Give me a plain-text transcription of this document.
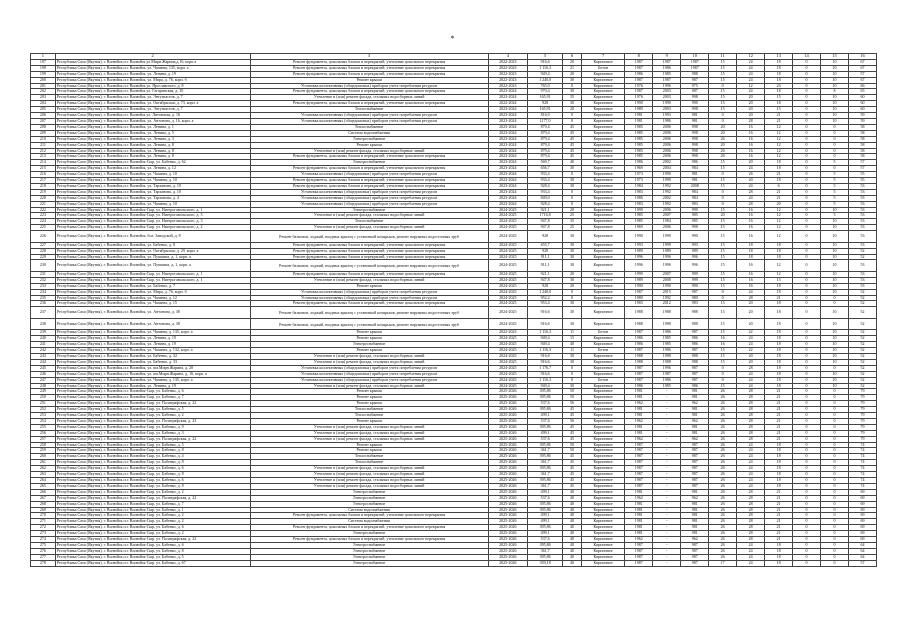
*
1	2	3	4	5	6	7	8	9	10	11	12	13	14	15	16
197	Республика Саха (Якутия), г. Вилюйск,п.г. Вилюйск ул.Мирн.Жарина,д.16, корп.а	Ремонт фундамента, цокольных блоков и перекрытий, утепление цокольного перекрытия	2022-2023	916,6	20	Кирпичное	1987	1987	1987	15	24	18	0	10	67
198	Республика Саха (Якутия), г. Вилюйск,п.г. Вилюйск, ул. Чапаева, 135, корп. а	Ремонт фундамента, цокольных блоков и перекрытий, утепление цокольного перекрытия	2022-2023	1 116,3	21	Бетон	1987	1986	1987	15	24	18	0	10	67
199	Республика Саха (Якутия), г. Вилюйск,п.г. Вилюйск, ул. Ленина, д. 19	Ремонт фундамента, цокольных блоков и перекрытий, утепление цокольного перекрытия	2022-2023	949,4	20	Кирпичное	1986	1985	988	15	24	18	0	10	57
200	Республика Саха (Якутия), г. Вилюйск,п.г. Вилюйск, ул. Мира, д. 76, корп. б	Ремонт крыши	2022-2023	1 240,0	30	Кирпичное	1987	1987	987	15	24	18	0	10	67
201	Республика Саха (Якутия), г. Вилюйск,п.г. Вилюйск ул. Ярославского, д. 8	Установка коллективных (общедомовых) приборов учета потребления ресурсов	2022-2023	765,0	0	Кирпичное	1976	1996	975	0	12	24	0	10	66
202	Республика Саха (Якутия), г. Вилюйск,п.г. Вилюйск ул. Гагаринская, д. 10	Ремонт фундамента, цокольных блоков и перекрытий, утепление цокольного перекрытия	2023-2024	970,4	30	Кирпичное	1987	2003	987	15	24	18	0	8	65
203	Республика Саха (Якутия), г. Вилюйск,п.г. Вилюйск, ул. Энтузиастов, д. 7	Утепление и (или) ремонт фасада, стальных водосборных линий	2023-2024	165,91	35	Кирпичное	1976	2003	998	15	20	15	0	10	60
204	Республика Саха (Якутия), г. Вилюйск,п.г. Вилюйск, ул. Октябрьская, д. 73, корп. а	Ремонт фундамента, цокольных блоков и перекрытий, утепление цокольного перекрытия	2022-2024	928	30	Кирпичное	1990	1990	990	15	20	18	0	10	60
205	Республика Саха (Якутия), г. Вилюйск,п.г. Вилюйск, ул. Энтузиастов, д. 7	Теплоснабжение	2023-2024	165,91	20	Кирпичное	1989	2003	998	15	20	15	0	10	60
206	Республика Саха (Якутия), г. Вилюйск,п.г. Вилюйск ул. Литовская, д. 16	Установка коллективных (общедомовых) приборов учета потребления ресурсов	2023-2024	816,0	0	Кирпичное	1981	1993	981	0	20	21	0	10	59
207	Республика Саха (Якутия), г. Вилюйск,п.г. Вилюйск, ул. Антонова, д. 16, корп. а	Установка коллективных (общедомовых) приборов учета потребления ресурсов	2023-2024	1177,0	0	Кирпичное	1981	1986	981	0	28	21	0	10	59
208	Республика Саха (Якутия), г. Вилюйск,п.г. Вилюйск, ул. Ленина, д. 1	Теплоснабжение	2023-2024	879,4	45	Кирпичное	1985	2006	998	20	16	12	0	0	58
209	Республика Саха (Якутия), г. Вилюйск,п.г. Вилюйск, ул. Ленина, д. 5	Система водоснабжения	2023-2024	879,4	45	Кирпичное	1985	2006	998	20	16	12	0	0	58
210	Республика Саха (Якутия), г. Вилюйск,п.г. Вилюйск, ул. Ленина, д. 3	Электроснабжение	2023-2024	879,4	45	Кирпичное	1985	2006	998	26	16	12	0	0	58
211	Республика Саха (Якутия), г. Вилюйск,п.г. Вилюйск, ул. Ленина, д. 8	Ремонт крыши	2023-2024	879,4	45	Кирпичное	1985	2006	998	20	16	12	0	0	58
212	Республика Саха (Якутия), г. Вилюйск,п.г. Вилюйск, ул. Ленина, д. 8	Утепление и (или) ремонт фасада, стальных водосборных линий	2023-2024	879,4	45	Кирпичное	1985	2006	998	26	16	12	0	0	58
213	Республика Саха (Якутия), г. Вилюйск,п.г. Вилюйск, ул. Ленина, д. 8	Ремонт фундамента, цокольных блоков и перекрытий, утепление цокольного перекрытия	2023-2024	879,4	45	Кирпичное	1985	2006	998	26	16	12	0	0	58
214	Республика Саха (Якутия), г. Вилюйск,п.г. Вилюйск-Сыр, ул. Бабенко, д. 62	Электроснабжение	2023-2024	569,7	40	Кирпичное	1986	2002	986	15	20	18	0	5	57
215	Республика Саха (Якутия), г. Вилюйск,п.г. Вилюйск, ул. Ленина, д. 12	Ремонт фундамента, цокольных блоков и перекрытий, утепление цокольного перекрытия	2023-2024	656,7	30	Кирпичное	1969	2004	984	15	24	18	0	0	57
216	Республика Саха (Якутия), г. Вилюйск,п.г. Вилюйск, ул. Чапаева, д. 10	Установка коллективных (общедомовых) приборов учета потребления ресурсов	2023-2024	933,4	0	Кирпичное	1973	1990	981	0	26	21	0	5	55
217	Республика Саха (Якутия), г. Вилюйск,п.г. Вилюйск, ул. Чапаева, д. 10	Ремонт фундамента, цокольных блоков и перекрытий, утепление цокольного перекрытия	2023-2024	933,4	30	Кирпичное	1973	1990	981	15	20	18	0	5	55
218	Республика Саха (Якутия), г. Вилюйск,п.г. Вилюйск, ул. Тарханова, д. 10	Ремонт фундамента, цокольных блоков и перекрытий, утепление цокольного перекрытия	2023-2024	928,4	30	Кирпичное	1984	1992	2008	15	24	6	0	5	53
219	Республика Саха (Якутия), г. Вилюйск,п.г. Вилюйск, ул. Тарханова, д. 10	Установка коллективных (общедомовых) приборов учета потребления ресурсов	2023-2024	933,4	0	Кирпичное	1983	1992	984	0	28	21	0	5	53
220	Республика Саха (Якутия), г. Вилюйск,п.г. Вилюйск, ул. Тарханова, д. 4	Установка коллективных (общедомовых) приборов учета потребления ресурсов	2023-2024	849,0	0	Кирпичное	1986	2002	984	0	24	21	0	5	53
221	Республика Саха (Якутия), г. Вилюйск,п.г. Вилюйск, ул. Чапаева, д. 10	Установка коллективных (общедомовых) приборов учета потребления ресурсов	2023-2024	928,4	0	Кирпичное	1983	1992	983	0	28	20	0	5	53
222	Республика Саха (Якутия), г. Вилюйск,п.г. Вилюйск-Сыр, ул. Нигерогавольского, д. 1	Электроснабжение	2024-2025	921,1	20	Кирпичное	1999	2006	999	15	16	12	0	10	53
223	Республика Саха (Якутия), г. Вилюйск,п.г. Вилюйск-Сыр, ул. Нигерогавольского, д. 3	Утепление и (или) ремонт фасада, стальных водосборных линий	2024-2025	1716,8	25	Кирпичное	1985	2007	985	20	16	12	0	5	53
224	Республика Саха (Якутия), г. Вилюйск,п.г. Вилюйск-Сыр, ул. Нигерогавольского, д. 3	Теплоснабжение	2024-2025	947,8	35	Кирпичное	1985	1984	985	15	16	12	0	10	53
225	Республика Саха (Якутия), г. Вилюйск,п.г. Вилюйск-Сыр, ул. Нигерогавольского, д. 2	Утепление и (или) ремонт фасада, стальных водосборных линий	2024-2025	947,8	25	Кирпичное	1969	2006	998	15	16	12	0	10	53
226	Республика Саха (Якутия), г. Вилюйск,п.г. Вилюйск, бол. Заводской, д. 8	Ремонт балконов, лоджий, входных крылец с установкой козырьков, ремонт наружных водосточных труб	2024-2025	928	30	Кирпичное	1990	1990	990	15	16	12	0	10	53
227	Республика Саха (Якутия), г. Вилюйск,п.г. Вилюйск, ул. Бабенко, д. 8	Ремонт фундамента, цокольных блоков и перекрытий, утепление цокольного перекрытия	2024-2025	655,7	30	Кирпичное	1993	1999	993	15	18	18	0	10	53
228	Республика Саха (Якутия), г. Вилюйск,п.г. Вилюйск, ул. Октябрьская, д. 29, корп. а	Ремонт фундамента, цокольных блоков и перекрытий, утепление цокольного перекрытия	2024-2025	928	30	Кирпичное	1989	1989	989	15	18	18	0	10	52
229	Республика Саха (Якутия), г. Вилюйск,п.г. Вилюйск, ул. Пушкина, д. 1, корп. а	Ремонт фундамента, цокольных блоков и перекрытий, утепление цокольного перекрытия	2024-2025	911,1	30	Кирпичное	1996	1996	996	15	18	18	0	10	52
230	Республика Саха (Якутия), г. Вилюйск,п.г. Вилюйск, ул. Пушкина, д. 1, корп. а	Ремонт балконов, лоджий, входных крылец с установкой козырьков, ремонт наружных водосточных труб	2024-2025	911,1	30	Кирпичное	1996	1996	996	15	16	12	0	10	53
231	Республика Саха (Якутия), г. Вилюйск,п.г. Вилюйск-Сыр, ул. Нигерогавольского, д. 1	Ремонт фундамента, цокольных блоков и перекрытий, утепление цокольного перекрытия	2024-2025	921,1	20	Кирпичное	1999	2007	999	15	16	12	0	10	53
232	Республика Саха (Якутия), г. Вилюйск,п.г. Вилюйск-Сыр, ул. Нигерогавольского, д. 1	Утепление и (или) ремонт фасада, стальных водосборных линий	2024-2025	947,8	30	Кирпичное	1989	2008	999	15	16	13	0	10	53
233	Республика Саха (Якутия), г. Вилюйск,п.г. Вилюйск, ул. Бабенко, д. 7	Ремонт крыши	2024-2025	928	20	Кирпичное	1990	1990	990	15	16	18	0	10	53
234	Республика Саха (Якутия), г. Вилюйск,п.г. Вилюйск, ул. Мира, д. 76, корп. б	Установка коллективных (общедомовых) приборов учета потребления ресурсов	2024-2025	1 240,0	0	Кирпичное	1987	2015	987	0	24	18	0	10	52
235	Республика Саха (Якутия), г. Вилюйск,п.г. Вилюйск, ул. Чапаева, д. 12	Установка коллективных (общедомовых) приборов учета потребления ресурсов	2024-2025	952,2	0	Кирпичное	1980	1992	980	0	28	21	0	0	52
236	Республика Саха (Якутия), г. Вилюйск,п.г. Вилюйск, ул. Чапаева, д. 15	Ремонт фундамента, цокольных блоков и перекрытий, утепление цокольного перекрытия	2024-2025	953,4	30	Кирпичное	1983	2012	983	15	20	18	0	0	52
237	Республика Саха (Якутия), г. Вилюйск,п.г. Вилюйск, ул. Антонова, д. 38	Ремонт балконов, лоджий, входных крылец с установкой козырьков, ремонт наружных водосточных труб	2024-2025	916,6	30	Кирпичное	1988	1988	988	15	20	18	0	10	52
238	Республика Саха (Якутия), г. Вилюйск,п.г. Вилюйск, ул. Антонова, д. 38	Ремонт балконов, лоджий, входных крылец с установкой козырьков, ремонт наружных водосточных труб	2024-2025	916,6	30	Кирпичное	1988	1988	988	15	20	18	0	10	52
239	Республика Саха (Якутия), г. Вилюйск,п.г. Вилюйск, ул. Чапаева, д. 135, корп. а	Ремонт крыши	2022-2023	1 116,3	11	Бетон	1987	1986	987	15	22	18	0	10	52
240	Республика Саха (Якутия), г. Вилюйск,п.г. Вилюйск, ул. Ленина, д. 19	Ремонт крыши	2024-2025	949,4	15	Кирпичное	1986	1985	986	16	24	18	0	10	52
241	Республика Саха (Якутия), г. Вилюйск,п.г. Вилюйск, ул. Ленина, д. 19	Электроснабжение	2024-2025	949,4	40	Кирпичное	1986	1985	986	16	24	18	0	10	52
242	Республика Саха (Якутия), г. Вилюйск,п.г. Вилюйск, ул. Чапаева, д. 132, корп. а	Ремонт крыши	2024-2025	1 116,3	11	Бетон	1987	1986	987	15	22	18	0	10	52
243	Республика Саха (Якутия), г. Вилюйск,п.г. Вилюйск, ул. Бабенко, д. 32	Утепление и (или) ремонт фасада, стальных водосборных линий	2024-2025	916,6	30	Кирпичное	1988	1988	988	15	20	18	0	10	52
244	Республика Саха (Якутия), г. Вилюйск,п.г. Вилюйск, ул. Бабенко, д. 33	Утепление и (или) ремонт фасада, стальных водосборных линий	2024-2025	916,6	30	Кирпичное	1988	1988	988	15	20	18	0	10	52
245	Республика Саха (Якутия), г. Вилюйск,п.г. Вилюйск, ул. им.Мирн.Жарина, д. 20	Установка коллективных (общедомовых) приборов учета потребления ресурсов	2024-2025	1 176,7	0	Кирпичное	1987	1996	987	0	28	18	0	0	52
246	Республика Саха (Якутия), г. Вилюйск,п.г. Вилюйск, ул. им.Мирн.Жарина, д. 16, корп. а	Установка коллективных (общедомовых) приборов учета потребления ресурсов	2024-2025	916,6	0	Кирпичное	1987	1987	987	0	24	18	0	10	52
247	Республика Саха (Якутия), г. Вилюйск,п.г. Вилюйск, ул. Чапаева, д. 135, корп. а	Установка коллективных (общедомовых) приборов учета потребления ресурсов	2024-2025	1 116,3	0	Бетон	1987	1986	987	0	24	18	0	10	52
248	Республика Саха (Якутия), г. Вилюйск,п.г. Вилюйск, ул. Ленина, д. 19	Утепление и (или) ремонт фасада, стальных водосборных линий	2024-2025	949,4	30	Кирпичное	1986	1985	986	15	24	18	0	10	52
249	Республика Саха (Якутия), г. Вилюйск,п.г. Вилюйск-Сыр, ул. Бабенко, д. 6	Ремонт крыши	2025-2026	395,86	50	Кирпичное	1981	-	981	26	28	21	0	0	79
250	Республика Саха (Якутия), г. Вилюйск,п.г. Вилюйск-Сыр, ул. Бабенко, д. 7	Ремонт крыши	2025-2026	395,86	50	Кирпичное	1981	-	981	26	28	21	0	0	79
251	Республика Саха (Якутия), г. Вилюйск,п.г. Вилюйск-Сыр, ул. Полиграфская, д. 22	Ремонт крыши	2025-2026	537,6	56	Кирпичное	1962	-	962	26	28	21	0	0	79
252	Республика Саха (Якутия), г. Вилюйск,п.г. Вилюйск-Сыр, ул. Бабенко, д. 5	Теплоснабжение	2025-2026	395,86	45	Кирпичное	1981	-	981	26	28	21	0	0	79
253	Республика Саха (Якутия), г. Вилюйск,п.г. Вилюйск-Сыр, ул. Бабенко, д. 2	Теплоснабжение	2025-2026	499,1	45	Кирпичное	1981	-	981	26	28	21	0	0	79
254	Республика Саха (Якутия), г. Вилюйск,п.г. Вилюйск-Сыр, ул. Полиграфская, д. 23	Ремонт крыши	2025-2026	537,6	56	Кирпичное	1962	-	962	26	28	21	0	0	79
255	Республика Саха (Якутия), г. Вилюйск,п.г. Вилюйск-Сыр, ул. Бабенко, д. 9	Утепление и (или) ремонт фасада, стальных водосборных линий	2025-2026	395,86	45	Кирпичное	1981	-	981	26	28	21	0	0	79
256	Республика Саха (Якутия), г. Вилюйск,п.г. Вилюйск-Сыр, ул. Бабенко, д. 3	Утепление и (или) ремонт фасада, стальных водосборных линий	2025-2026	499,1	45	Кирпичное	1981	-	981	26	28	21	0	0	79
257	Республика Саха (Якутия), г. Вилюйск,п.г. Вилюйск-Сыр, ул. Полиграфская, д. 22	Утепление и (или) ремонт фасада, стальных водосборных линий	2025-2026	537,6	45	Кирпичное	1962	-	962	26	28	21	0	0	79
258	Республика Саха (Якутия), г. Вилюйск,п.г. Вилюйск-Сыр, ул. Бабенко, д. 5	Ремонт крыши	2025-2026	395,86	50	Кирпичное	1987	-	987	26	24	18	0	0	74
259	Республика Саха (Якутия), г. Вилюйск,п.г. Вилюйск-Сыр, ул. Бабенко, д. 8	Ремонт крыши	2025-2026	361,7	50	Кирпичное	1987	-	987	26	24	18	0	0	74
260	Республика Саха (Якутия), г. Вилюйск,п.г. Вилюйск-Сыр, ул. Бабенко, д. 4	Теплоснабжение	2025-2026	395,86	45	Кирпичное	1987	-	987	26	24	18	0	0	74
261	Республика Саха (Якутия), г. Вилюйск,п.г. Вилюйск-Сыр, ул. Бабенко, д. 8	Теплоснабжение	2025-2026	361,7	45	Кирпичное	1987	-	987	26	24	18	0	0	74
262	Республика Саха (Якутия), г. Вилюйск,п.г. Вилюйск-Сыр, ул. Бабенко, д. 6	Утепление и (или) ремонт фасада, стальных водосборных линий	2025-2026	395,86	45	Кирпичное	1987	-	987	26	24	18	0	0	74
263	Республика Саха (Якутия), г. Вилюйск,п.г. Вилюйск-Сыр, ул. Бабенко, д. 8	Утепление и (или) ремонт фасада, стальных водосборных линий	2025-2026	361,7	45	Кирпичное	1987	-	987	26	24	18	0	0	74
264	Республика Саха (Якутия), г. Вилюйск,п.г. Вилюйск-Сыр, ул. Бабенко, д. 6	Утепление и (или) ремонт фасада, стальных водосборных линий	2025-2026	395,86	45	Кирпичное	1987	-	987	26	24	18	0	0	74
265	Республика Саха (Якутия), г. Вилюйск,п.г. Вилюйск-Сыр, ул. Бабенко, д. 8	Утепление и (или) ремонт фасада, стальных водосборных линий	2025-2026	361,7	45	Кирпичное	1987	-	987	26	24	18	0	0	74
266	Республика Саха (Якутия), г. Вилюйск,п.г. Вилюйск-Сыр, ул. Бабенко, д. 2	Электроснабжение	2025-2026	499,1	40	Кирпичное	1981	-	981	26	28	21	0	0	69
267	Республика Саха (Якутия), г. Вилюйск,п.г. Вилюйск-Сыр, ул. Полиграфская, д. 22	Электроснабжение	2025-2026	537,6	40	Кирпичное	1962	-	962	26	28	21	0	0	69
268	Республика Саха (Якутия), г. Вилюйск,п.г. Вилюйск-Сыр, ул. Бабенко, д. 7	Электроснабжение	2025-2026	395,86	40	Кирпичное	1981	-	981	26	28	21	0	0	69
269	Республика Саха (Якутия), г. Вилюйск,п.г. Вилюйск-Сыр, ул. Бабенко, д. 1	Система водоснабжения	2025-2026	395,86	40	Кирпичное	1981	-	981	26	28	21	0	0	69
270	Республика Саха (Якутия), г. Вилюйск,п.г. Вилюйск-Сыр, ул. Бабенко, д. 2	Ремонт фундамента, цокольных блоков и перекрытий, утепление цокольного перекрытия	2025-2026	499,1	40	Кирпичное	1981	-	981	26	28	21	0	0	69
271	Республика Саха (Якутия), г. Вилюйск,п.г. Вилюйск-Сыр, ул. Бабенко, д. 2	Система водоснабжения	2025-2026	499,1	40	Кирпичное	1981	-	981	26	28	21	0	0	69
272	Республика Саха (Якутия), г. Вилюйск,п.г. Вилюйск-Сыр, ул. Бабенко, д. 6	Ремонт фундамента, цокольных блоков и перекрытий, утепление цокольного перекрытия	2025-2026	395,86	40	Кирпичное	1981	-	981	26	28	21	0	0	69
273	Республика Саха (Якутия), г. Вилюйск,п.г. Вилюйск-Сыр, ул. Бабенко, д. 2	Электроснабжение	2025-2026	499,1	40	Кирпичное	1981	-	981	26	28	21	0	0	69
274	Республика Саха (Якутия), г. Вилюйск,п.г. Вилюйск-Сыр, ул. Полиграфская, д. 22	Ремонт фундамента, цокольных блоков и перекрытий, утепление цокольного перекрытия	2025-2026	537,6	40	Кирпичное	1962	-	962	26	28	21	0	0	69
275	Республика Саха (Якутия), г. Вилюйск,п.г. Вилюйск-Сыр, ул. Бабенко, д. 6	Электроснабжение	2025-2026	395,86	40	Кирпичное	1987	-	987	26	24	18	0	0	64
276	Республика Саха (Якутия), г. Вилюйск,п.г. Вилюйск-Сыр, ул. Бабенко, д. 8	Электроснабжение	2025-2026	361,7	40	Кирпичное	1987	-	987	26	24	18	0	0	64
277	Республика Саха (Якутия), г. Вилюйск,п.г. Вилюйск-Сыр, ул. Бабенко, д. 5	Электроснабжение	2025-2026	395,86	40	Кирпичное	1987	-	987	26	24	18	0	0	64
278	Республика Саха (Якутия), г. Вилюйск,п.г. Вилюйск-Сыр, ул. Бабенко, д. 67	Электроснабжение	2025-2026	359,18	40	Кирпичное	1987	-	987	17	24	18	0	0	57
